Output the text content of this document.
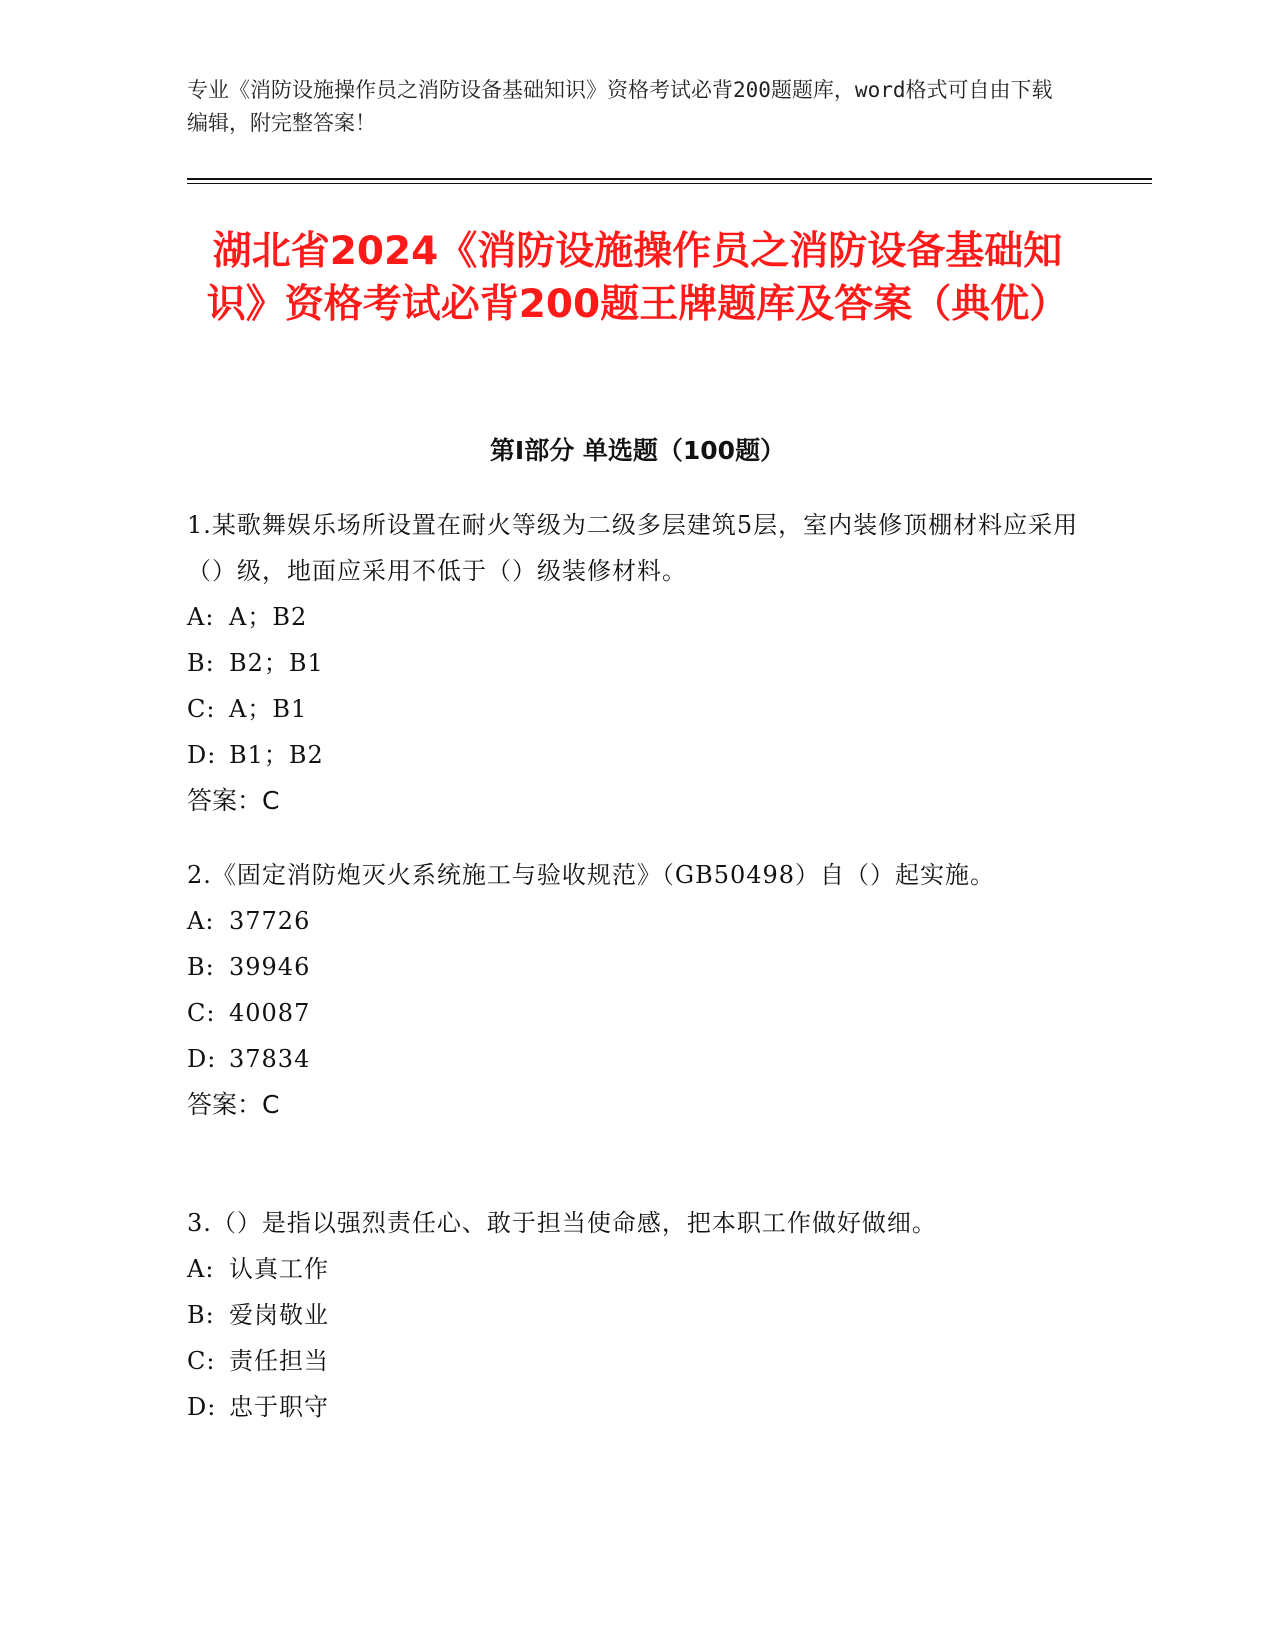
专业《消防设施操作员之消防设备基础知识》资格考试必背200题题库，word格式可自由下载编辑，附完整答案！
湖北省2024《消防设施操作员之消防设备基础知识》资格考试必背200题王牌题库及答案（典优）
第Ⅰ部分 单选题（100题）
1.某歌舞娱乐场所设置在耐火等级为二级多层建筑5层，室内装修顶棚材料应采用（）级，地面应采用不低于（）级装修材料。
A: A；B2
B: B2；B1
C: A；B1
D: B1；B2
答案：C
2.《固定消防炮灭火系统施工与验收规范》（GB50498）自（）起实施。
A: 37726
B: 39946
C: 40087
D: 37834
答案：C
3.（）是指以强烈责任心、敢于担当使命感，把本职工作做好做细。
A: 认真工作
B: 爱岗敬业
C: 责任担当
D: 忠于职守
